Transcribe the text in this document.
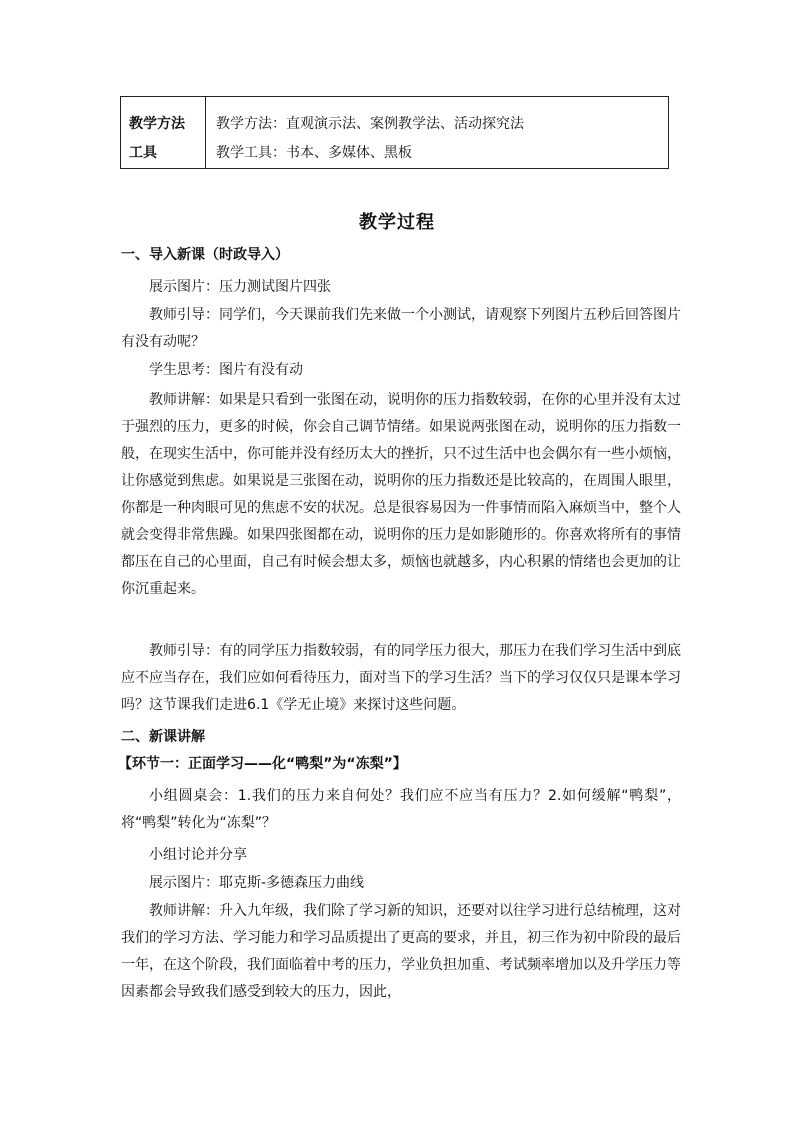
教学方法
工具
教学方法：直观演示法、案例教学法、活动探究法
教学工具：书本、多媒体、黑板
教学过程
一、导入新课（时政导入）

展示图片：压力测试图片四张

教师引导：同学们，今天课前我们先来做一个小测试，请观察下列图片五秒后回答图片有没有动呢？

学生思考：图片有没有动

教师讲解：如果是只看到一张图在动，说明你的压力指数较弱，在你的心里并没有太过于强烈的压力，更多的时候，你会自己调节情绪。如果说两张图在动，说明你的压力指数一般，在现实生活中，你可能并没有经历太大的挫折，只不过生活中也会偶尔有一些小烦恼，让你感觉到焦虑。如果说是三张图在动，说明你的压力指数还是比较高的，在周围人眼里，你都是一种肉眼可见的焦虑不安的状况。总是很容易因为一件事情而陷入麻烦当中，整个人就会变得非常焦躁。如果四张图都在动，说明你的压力是如影随形的。你喜欢将所有的事情都压在自己的心里面，自己有时候会想太多，烦恼也就越多，内心积累的情绪也会更加的让你沉重起来。

教师引导：有的同学压力指数较弱，有的同学压力很大，那压力在我们学习生活中到底应不应当存在，我们应如何看待压力，面对当下的学习生活？当下的学习仅仅只是课本学习吗？这节课我们走进6.1《学无止境》来探讨这些问题。

二、新课讲解
【环节一：正面学习——化“鸭梨”为“冻梨”】

小组圆桌会：1.我们的压力来自何处？我们应不应当有压力？2.如何缓解“鸭梨”，将“鸭梨”转化为“冻梨”？

小组讨论并分享

展示图片：耶克斯-多德森压力曲线

教师讲解：升入九年级，我们除了学习新的知识，还要对以往学习进行总结梳理，这对我们的学习方法、学习能力和学习品质提出了更高的要求，并且，初三作为初中阶段的最后一年，在这个阶段，我们面临着中考的压力，学业负担加重、考试频率增加以及升学压力等因素都会导致我们感受到较大的压力，因此，
